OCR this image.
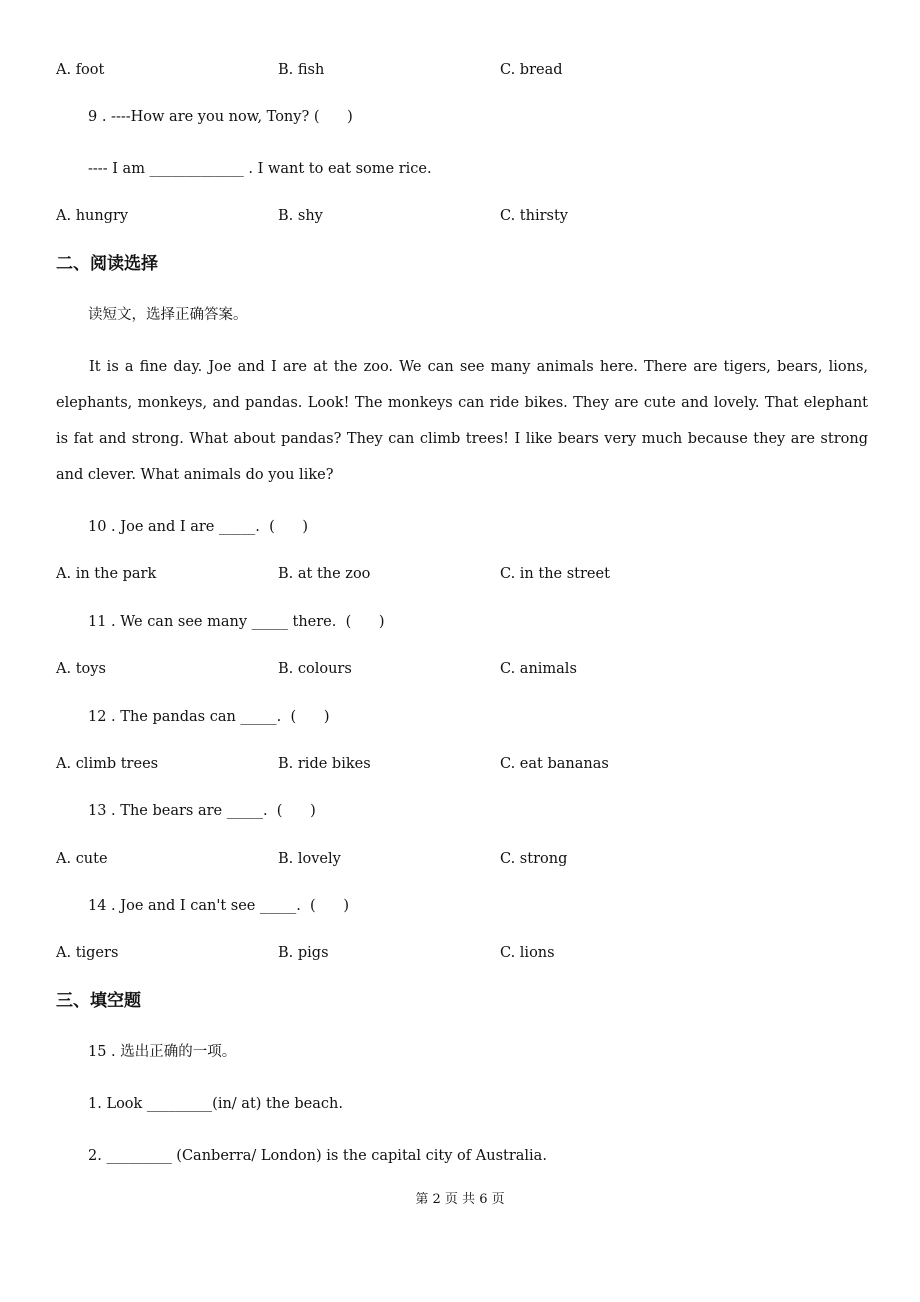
A. foot	B. fish	C. bread
9 . ----How are you now, Tony? (      )
---- I am _____________ . I want to eat some rice.
A. hungry	B. shy	C. thirsty
二、阅读选择
读短文，选择正确答案。

It is a fine day. Joe and I are at the zoo. We can see many animals here. There are tigers, bears, lions, elephants, monkeys, and pandas. Look! The monkeys can ride bikes. They are cute and lovely. That elephant is fat and strong. What about pandas? They can climb trees! I like bears very much because they are strong and clever. What animals do you like?

10 . Joe and I are _____.  (      )
A. in the park	B. at the zoo	C. in the street
11 . We can see many _____ there.  (      )
A. toys	B. colours	C. animals
12 . The pandas can _____.  (      )
A. climb trees	B. ride bikes	C. eat bananas
13 . The bears are _____.  (      )
A. cute	B. lovely	C. strong
14 . Joe and I can't see _____.  (      )
A. tigers	B. pigs	C. lions
三、填空题
15 . 选出正确的一项。
1. Look _________(in/ at) the beach.
2. _________ (Canberra/ London) is the capital city of Australia.
第 2 页 共 6 页
